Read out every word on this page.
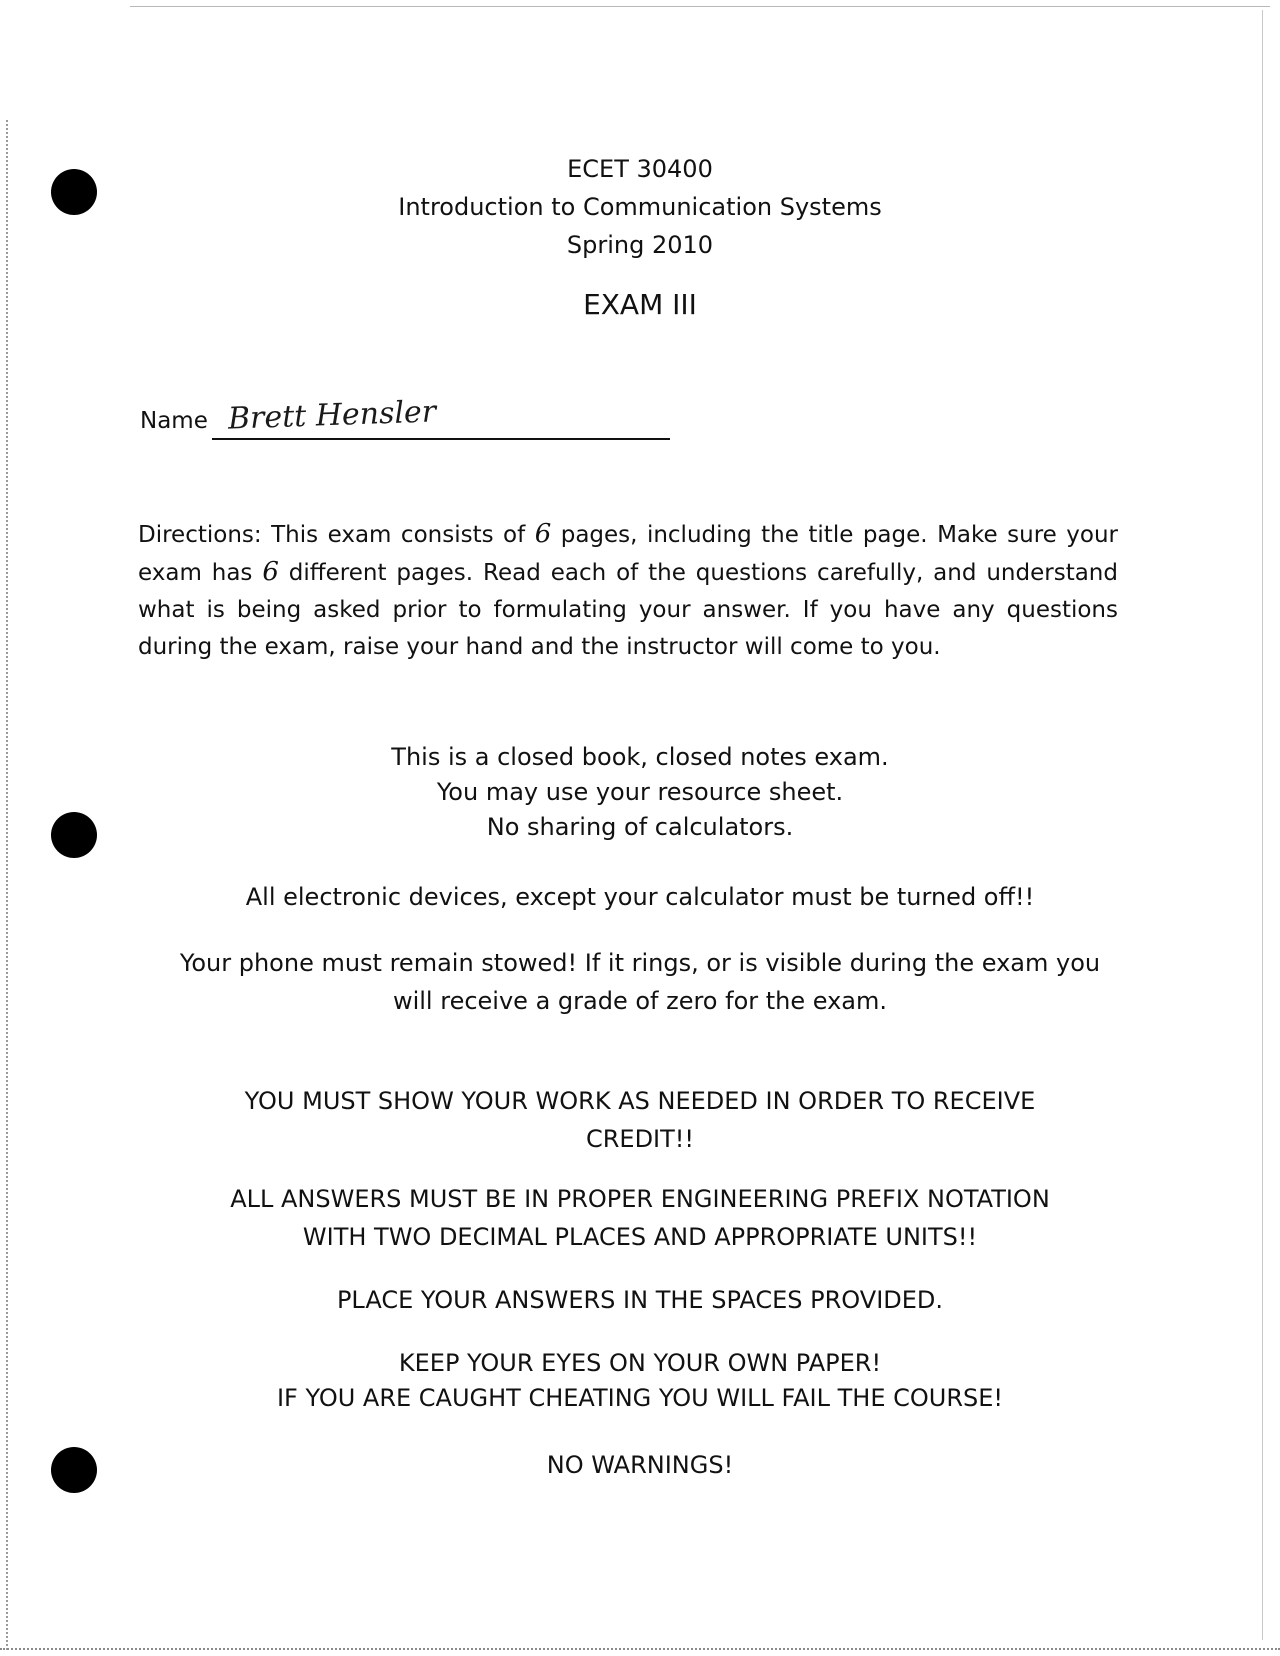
ECET 30400
Introduction to Communication Systems
Spring 2010
EXAM III
Name Brett Hensler
Directions: This exam consists of 6 pages, including the title page. Make sure your exam has 6 different pages. Read each of the questions carefully, and understand what is being asked prior to formulating your answer. If you have any questions during the exam, raise your hand and the instructor will come to you.
This is a closed book, closed notes exam.
You may use your resource sheet.
No sharing of calculators.
All electronic devices, except your calculator must be turned off!!
Your phone must remain stowed! If it rings, or is visible during the exam you
will receive a grade of zero for the exam.
YOU MUST SHOW YOUR WORK AS NEEDED IN ORDER TO RECEIVE
CREDIT!!
ALL ANSWERS MUST BE IN PROPER ENGINEERING PREFIX NOTATION
WITH TWO DECIMAL PLACES AND APPROPRIATE UNITS!!
PLACE YOUR ANSWERS IN THE SPACES PROVIDED.
KEEP YOUR EYES ON YOUR OWN PAPER!
IF YOU ARE CAUGHT CHEATING YOU WILL FAIL THE COURSE!
NO WARNINGS!
